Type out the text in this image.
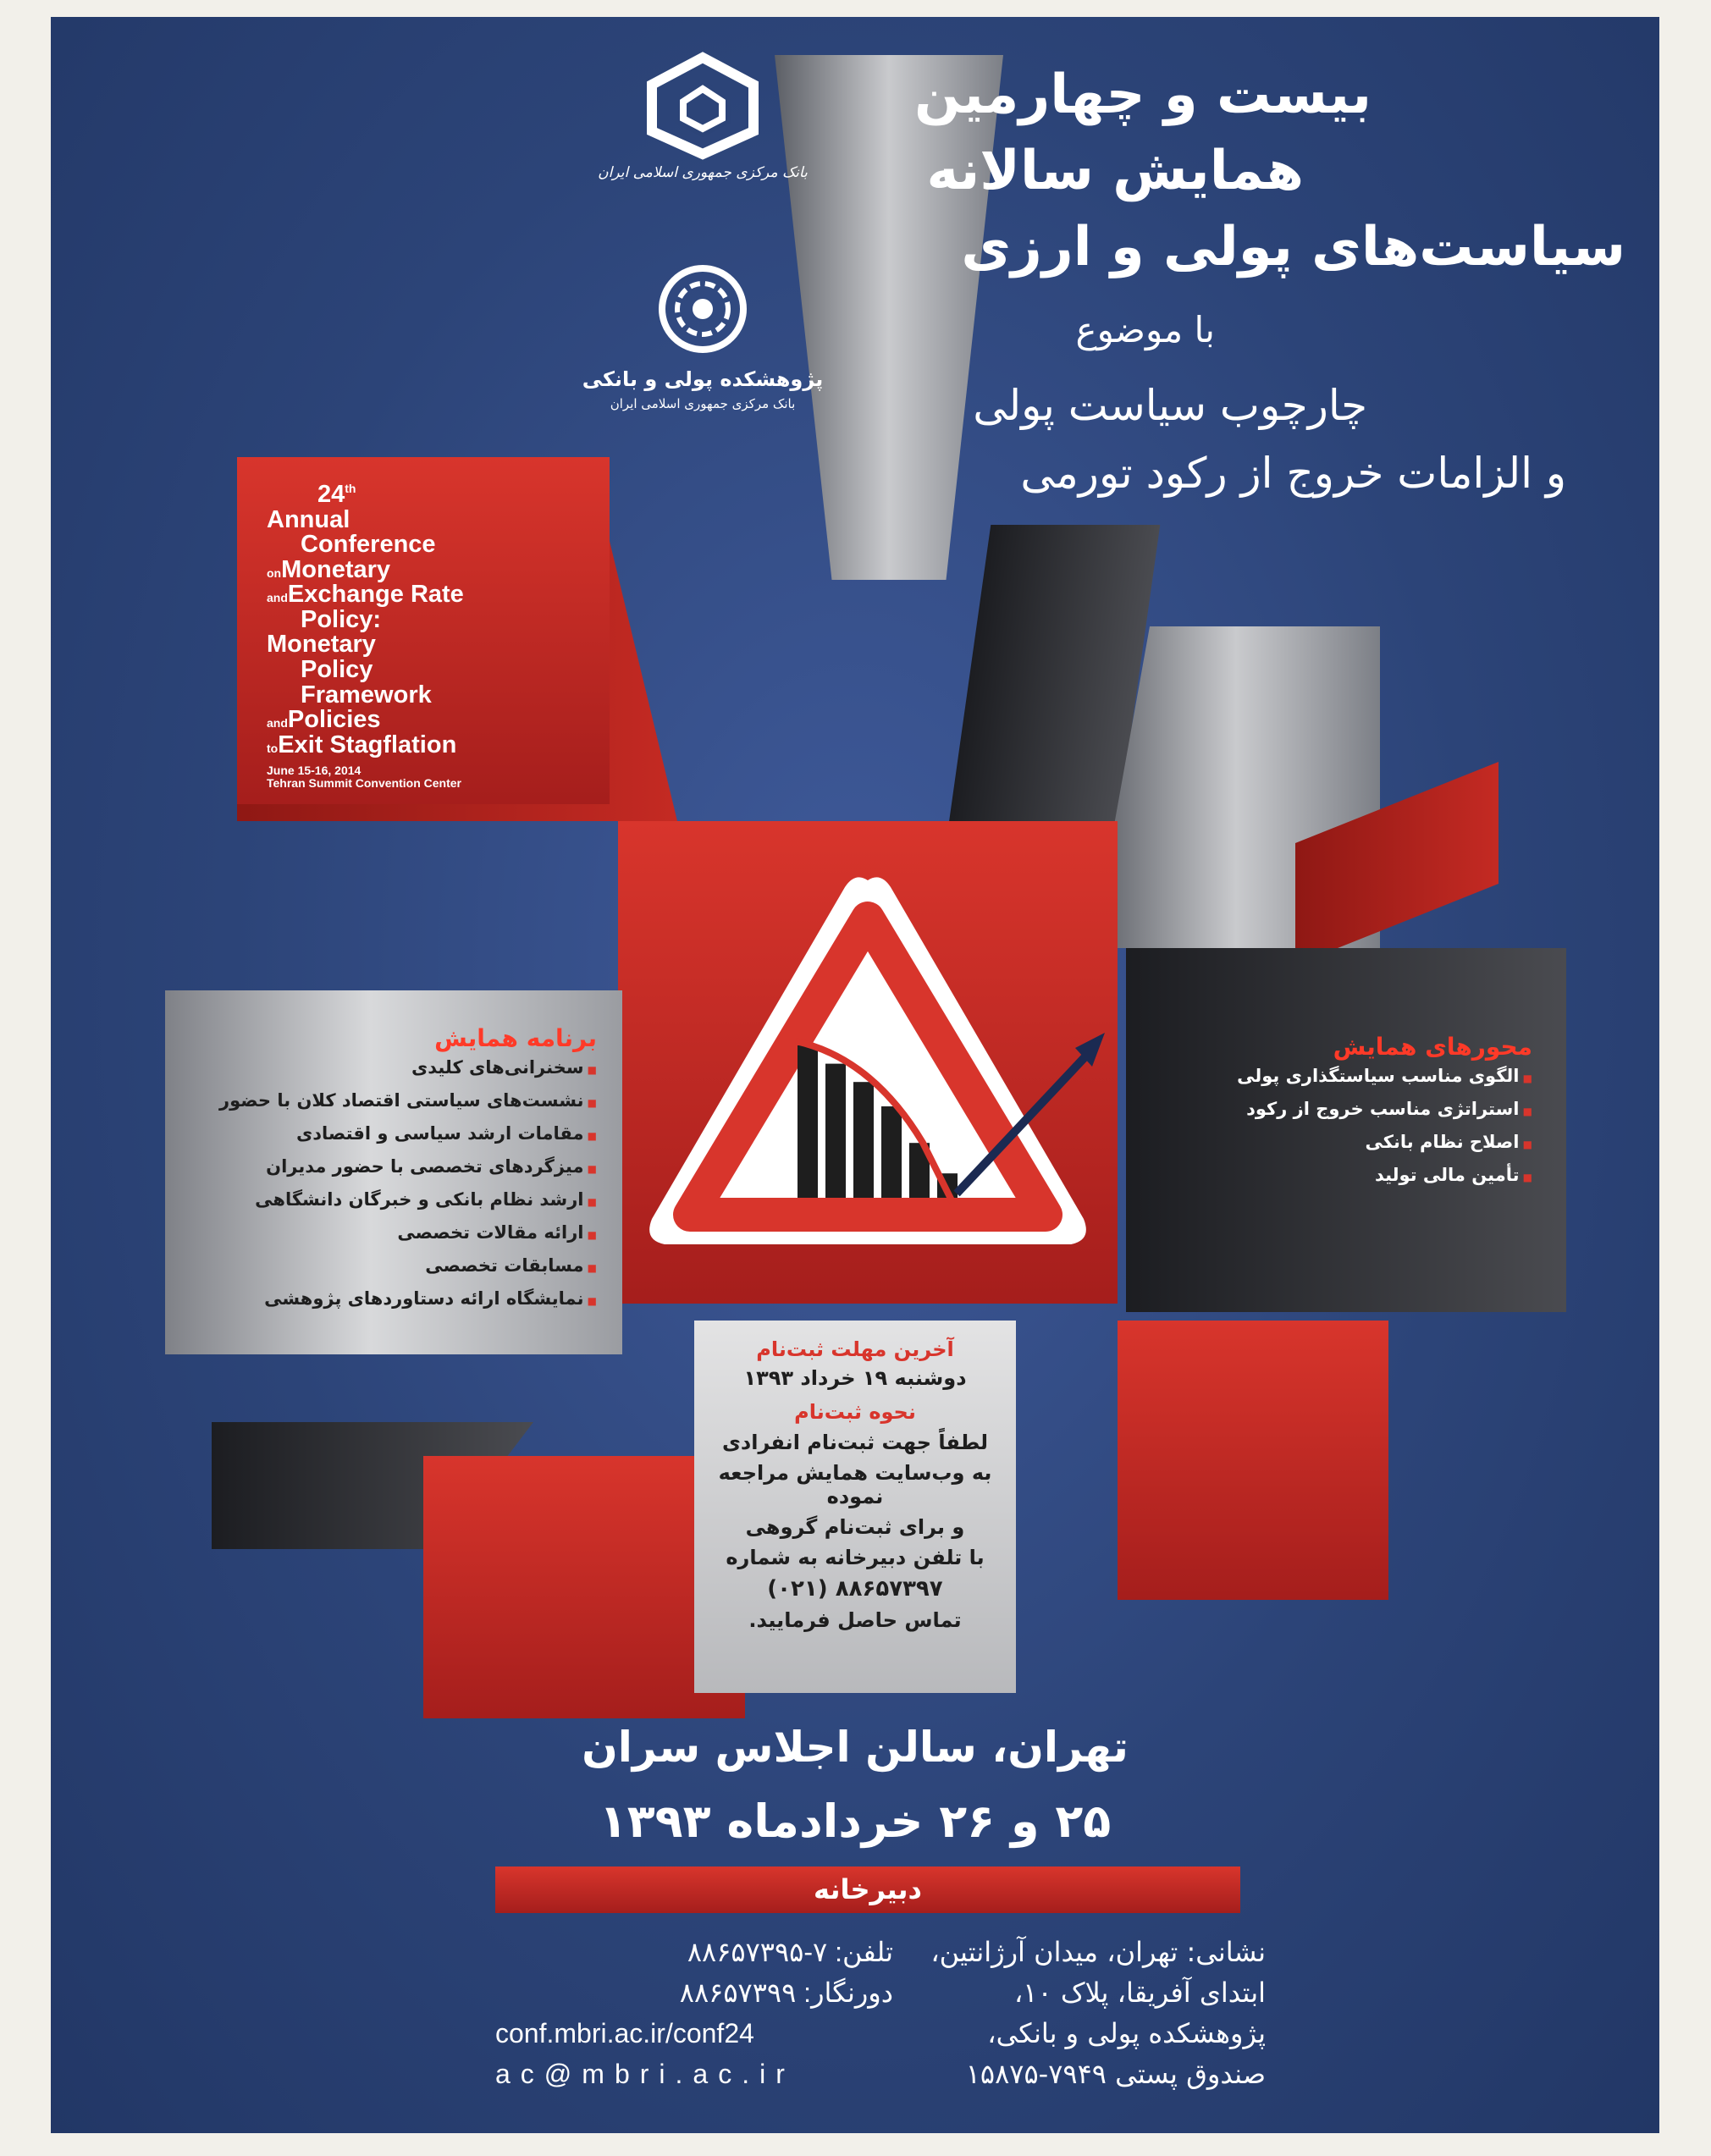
24th
Annual
Conference
onMonetary
andExchange Rate
Policy:
Monetary
Policy
Framework
andPolicies
toExit Stagflation
June 15-16, 2014
Tehran Summit Convention Center
بانک مرکزی جمهوری اسلامی ایران
پژوهشکده پولی و بانکی
بانک مرکزی جمهوری اسلامی ایران
بیست و چهارمین
همایش سالانه
سیاست‌های پولی و ارزی
با موضوع
چارچوب سیاست پولی
و الزامات خروج از رکود تورمی
برنامه همایش
■ سخنرانی‌های کلیدی
■ نشست‌های سیاستی اقتصاد کلان با حضور
■ مقامات ارشد سیاسی و اقتصادی
■ میزگردهای تخصصی با حضور مدیران
■ ارشد نظام بانکی و خبرگان دانشگاهی
■ ارائه مقالات تخصصی
■ مسابقات تخصصی
■ نمایشگاه ارائه دستاوردهای پژوهشی
محورهای همایش
■ الگوی مناسب سیاستگذاری پولی
■ استراتژی مناسب خروج از رکود
■ اصلاح نظام بانکی
■ تأمین مالی تولید
آخرین مهلت ثبت‌نام
دوشنبه ۱۹ خرداد ۱۳۹۳
نحوه ثبت‌نام
لطفاً جهت ثبت‌نام انفرادی
به وب‌سایت همایش مراجعه نموده
و برای ثبت‌نام گروهی
با تلفن دبیرخانه به شماره
(۰۲۱) ۸۸۶۵۷۳۹۷
تماس حاصل فرمایید.
تهران، سالن اجلاس سران
۲۵ و ۲۶ خردادماه ۱۳۹۳
دبیرخانه
نشانی: تهران، میدان آرژانتین،
ابتدای آفریقا، پلاک ۱۰،
پژوهشکده پولی و بانکی،
صندوق پستی ۷۹۴۹-۱۵۸۷۵
تلفن: ۷-۸۸۶۵۷۳۹۵
دورنگار: ۸۸۶۵۷۳۹۹
conf.mbri.ac.ir/conf24
ac@mbri.ac.ir
